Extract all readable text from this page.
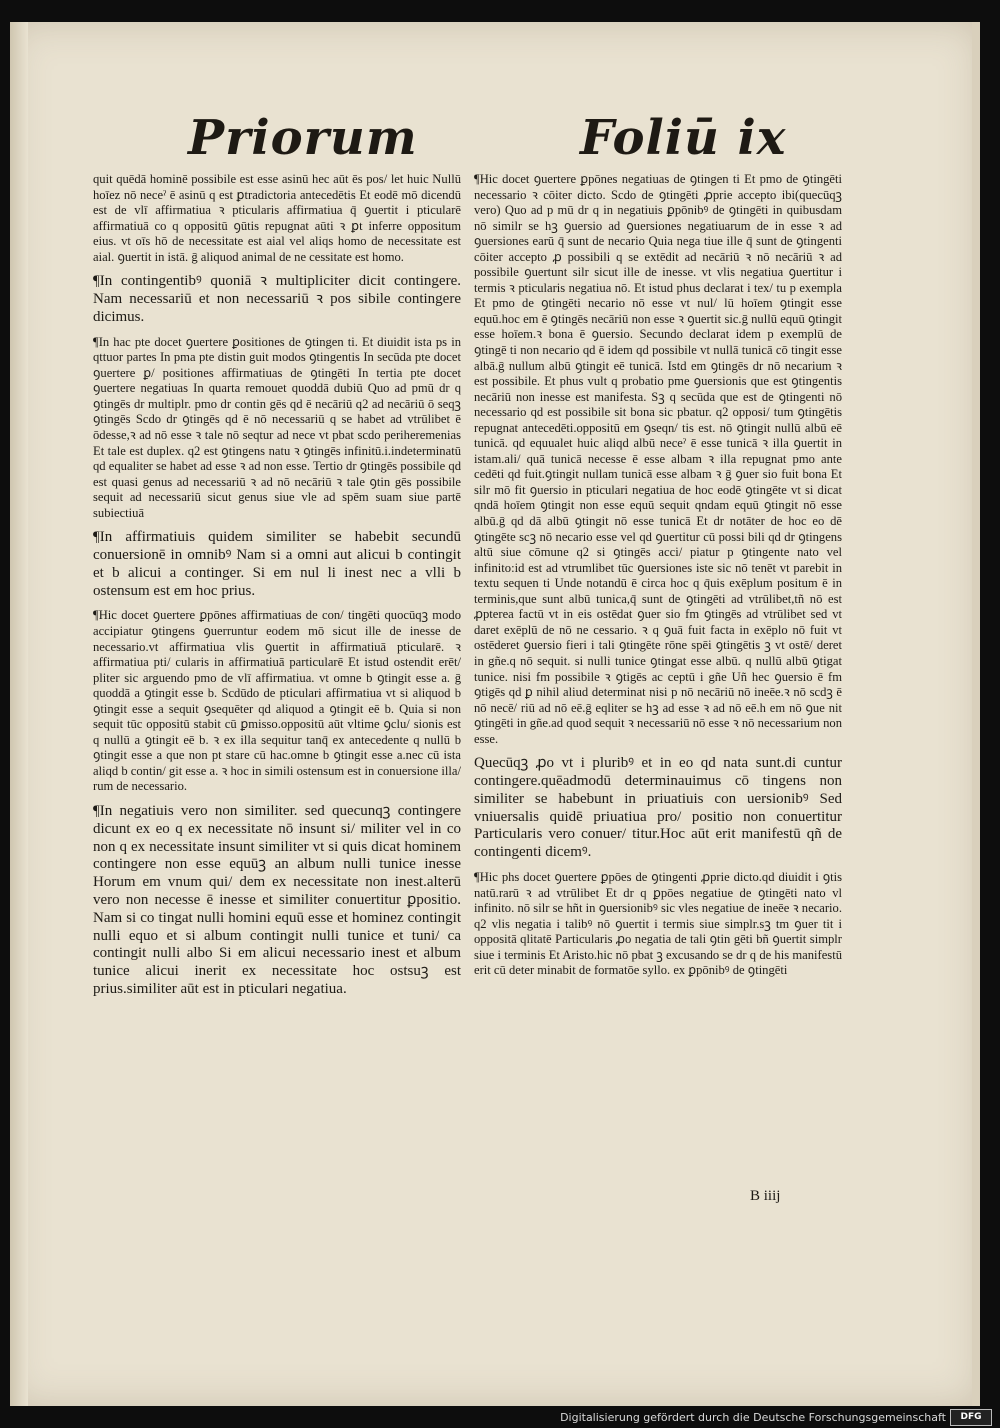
Priorum	Foliū ix

quit quēdā hominē possibile est esse asinū hec aūt ēs pos/ let huic Nullū hoīez nō neceˀ ē asinū q est ꝑtradictoria antecedētis Et eodē mō dicendū est de vlī affirmatiua ꝛ pticularis affirmatiua q̄ ꝯuertit i pticularē affirmatiuā co q oppositū ꝯūtis repugnat aūti ꝛ ꝑt inferre oppositum eius. vt oīs hō de necessitate est aial vel aliqs homo de necessitate est aial. ꝯuertit in istā. ḡ aliquod animal de ne cessitate est homo.

¶In contingentibꝰ quoniā ꝛ multipliciter dicit contingere. Nam necessariū et non necessariū ꝛ pos sibile contingere dicimus.

¶In hac pte docet ꝯuertere ꝑositiones de ꝯtingen ti. Et diuidit ista ps in qttuor partes In pma pte distin guit modos ꝯtingentis In secūda pte docet ꝯuertere ꝑ/ positiones affirmatiuas de ꝯtingēti In tertia pte docet ꝯuertere negatiuas In quarta remouet quoddā dubiū Quo ad pmū dr q ꝯtingēs dr multiplr. pmo dr contin gēs qd ē necāriū q2 ad necāriū ō seqꝫ ꝯtingēs Scdo dr ꝯtingēs qd ē nō necessariū q se habet ad vtrūlibet ē ōdesse,ꝛ ad nō esse ꝛ tale nō seqtur ad nece vt pbat scdo periheremenias Et tale est duplex. q2 est ꝯtingens natu ꝛ ꝯtingēs infinitū.i.indeterminatū qd equaliter se habet ad esse ꝛ ad non esse. Tertio dr ꝯtingēs possibile qd est quasi genus ad necessariū ꝛ ad nō necāriū ꝛ tale ꝯtin gēs possibile sequit ad necessariū sicut genus siue vle ad spēm suam siue partē subiectiuā

¶In affirmatiuis quidem similiter se habebit secundū conuersionē in omnibꝰ Nam si a omni aut alicui b contingit et b alicui a continger. Si em nul li inest nec a vlli b ostensum est em hoc prius.

¶Hic docet ꝯuertere ꝑpōnes affirmatiuas de con/ tingēti quocūqꝫ modo accipiatur ꝯtingens ꝯuerruntur eodem mō sicut ille de inesse de necessario.vt affirmatiua vlis ꝯuertit in affirmatiuā pticularē. ꝛ affirmatiua pti/ cularis in affirmatiuā particularē Et istud ostendit erēt/ pliter sic arguendo pmo de vlī affirmatiua. vt omne b ꝯtingit esse a. ḡ quoddā a ꝯtingit esse b. Scdūdo de pticulari affirmatiua vt si aliquod b ꝯtingit esse a sequit ꝯsequēter qd aliquod a ꝯtingit eē b. Quia si non sequit tūc oppositū stabit cū ꝑmisso.oppositū aūt vltime ꝯclu/ sionis est q nullū a ꝯtingit eē b. ꝛ ex illa sequitur tanq̄ ex antecedente q nullū b ꝯtingit esse a que non pt stare cū hac.omne b ꝯtingit esse a.nec cū ista aliqd b contin/ git esse a. ꝛ hoc in simili ostensum est in conuersione illa/ rum de necessario.

¶In negatiuis vero non similiter. sed quecunqꝫ contingere dicunt ex eo q ex necessitate nō insunt si/ militer vel in co non q ex necessitate insunt similiter vt si quis dicat hominem contingere non esse equūꝫ an album nulli tunice inesse Horum em vnum qui/ dem ex necessitate non inest.alterū vero non necesse ē inesse et similiter conuertitur ꝑpositio. Nam si co tingat nulli homini equū esse et hominez contingit nulli equo et si album contingit nulli tunice et tuni/ ca contingit nulli albo Si em alicui necessario inest et album tunice alicui inerit ex necessitate hoc ostsuꝫ est prius.similiter aūt est in pticulari negatiua.

¶Hic docet ꝯuertere ꝑpōnes negatiuas de ꝯtingen ti Et pmo de ꝯtingēti necessario ꝛ cōiter dicto. Scdo de ꝯtingēti ꝓprie accepto ibi(quecūqꝫ vero) Quo ad p mū dr q in negatiuis ꝑpōnibꝰ de ꝯtingēti in quibusdam nō similr se hꝫ ꝯuersio ad ꝯuersiones negatiuarum de in esse ꝛ ad ꝯuersiones earū q̄ sunt de necario Quia nega tiue ille q̄ sunt de ꝯtingenti cōiter accepto ꝓ possibili q se extēdit ad necāriū ꝛ nō necāriū ꝛ ad possibile ꝯuertunt silr sicut ille de inesse. vt vlis negatiua ꝯuertitur i termis ꝛ pticularis negatiua nō. Et istud phus declarat i tex/ tu p exempla Et pmo de ꝯtingēti necario nō esse vt nul/ lū hoīem ꝯtingit esse equū.hoc em ē ꝯtingēs necāriū non esse ꝛ ꝯuertit sic.ḡ nullū equū ꝯtingit esse hoīem.ꝛ bona ē ꝯuersio. Secundo declarat idem p exemplū de ꝯtingē ti non necario qd ē idem qd possibile vt nullā tunicā cō tingit esse albā.ḡ nullum albū ꝯtingit eē tunicā. Istd em ꝯtingēs dr nō necarium ꝛ est possibile. Et phus vult q probatio pme ꝯuersionis que est ꝯtingentis necāriū non inesse est manifesta. Sꝫ q secūda que est de ꝯtingenti nō necessario qd est possibile sit bona sic pbatur. q2 opposi/ tum ꝯtingētis repugnat antecedēti.oppositū em ꝯseqn/ tis est. nō ꝯtingit nullū albū eē tunicā. qd equualet huic aliqd albū neceˀ ē esse tunicā ꝛ illa ꝯuertit in istam.ali/ quā tunicā necesse ē esse albam ꝛ illa repugnat pmo ante cedēti qd fuit.ꝯtingit nullam tunicā esse albam ꝛ ḡ ꝯuer sio fuit bona Et silr mō fit ꝯuersio in pticulari negatiua de hoc eodē ꝯtingēte vt si dicat qndā hoīem ꝯtingit non esse equū sequit qndam equū ꝯtingit nō esse albū.ḡ qd dā albū ꝯtingit nō esse tunicā Et dr notāter de hoc eo dē ꝯtingēte scꝫ nō necario esse vel qd ꝯuertitur cū possi bili qd dr ꝯtingens altū siue cōmune q2 si ꝯtingēs acci/ piatur p ꝯtingente nato vel infinito:id est ad vtrumlibet tūc ꝯuersiones iste sic nō tenēt vt parebit in textu sequen ti Unde notandū ē circa hoc q q̄uis exēplum positum ē in terminis,que sunt albū tunica,q̄ sunt de ꝯtingēti ad vtrūlibet,tñ nō est ꝓpterea factū vt in eis ostēdat ꝯuer sio fm ꝯtingēs ad vtrūlibet sed vt daret exēplū de nō ne cessario. ꝛ q ꝯuā fuit facta in exēplo nō fuit vt ostēderet ꝯuersio fieri i tali ꝯtingēte rōne spēi ꝯtingētis ꝫ vt ostē/ deret in gñe.q nō sequit. si nulli tunice ꝯtingat esse albū. q nullū albū ꝯtigat tunice. nisi fm possibile ꝛ ꝯtigēs ac ceptū i gñe Uñ hec ꝯuersio ē fm ꝯtigēs qd ꝑ nihil aliud determinat nisi p nō necāriū nō ineēe.ꝛ nō scdꝫ ē nō necē/ riū ad nō eē.ḡ eqliter se hꝫ ad esse ꝛ ad nō eē.h em nō ꝯue nit ꝯtingēti in gñe.ad quod sequit ꝛ necessariū nō esse ꝛ nō necessarium non esse.

Quecūqꝫ ꝓo vt i pluribꝰ et in eo qd nata sunt.di cuntur contingere.quēadmodū determinauimus cō tingens non similiter se habebunt in priuatiuis con uersionibꝰ Sed vniuersalis quidē priuatiua pro/ positio non conuertitur Particularis vero conuer/ titur.Hoc aūt erit manifestū qñ de contingenti dicemꝰ.

¶Hic phs docet ꝯuertere ꝑpōes de ꝯtingenti ꝓprie dicto.qd diuidit i ꝯtis natū.rarū ꝛ ad vtrūlibet Et dr q ꝑpōes negatiue de ꝯtingēti nato vl infinito. nō silr se hñt in ꝯuersionibꝰ sic vles negatiue de ineēe ꝛ necario. q2 vlis negatia i talibꝰ nō ꝯuertit i termis siue simplr.sꝫ tm ꝯuer tit i oppositā qlitatē Particularis ꝓo negatia de tali ꝯtin gēti bñ ꝯuertit simplr siue i terminis Et Aristo.hic nō pbat ꝫ excusando se dr q de his manifestū erit cū deter minabit de formatōe syllo. ex ꝑpōnibꝰ de ꝯtingēti

B iiij
Digitalisierung gefördert durch die Deutsche Forschungsgemeinschaft	DFG
